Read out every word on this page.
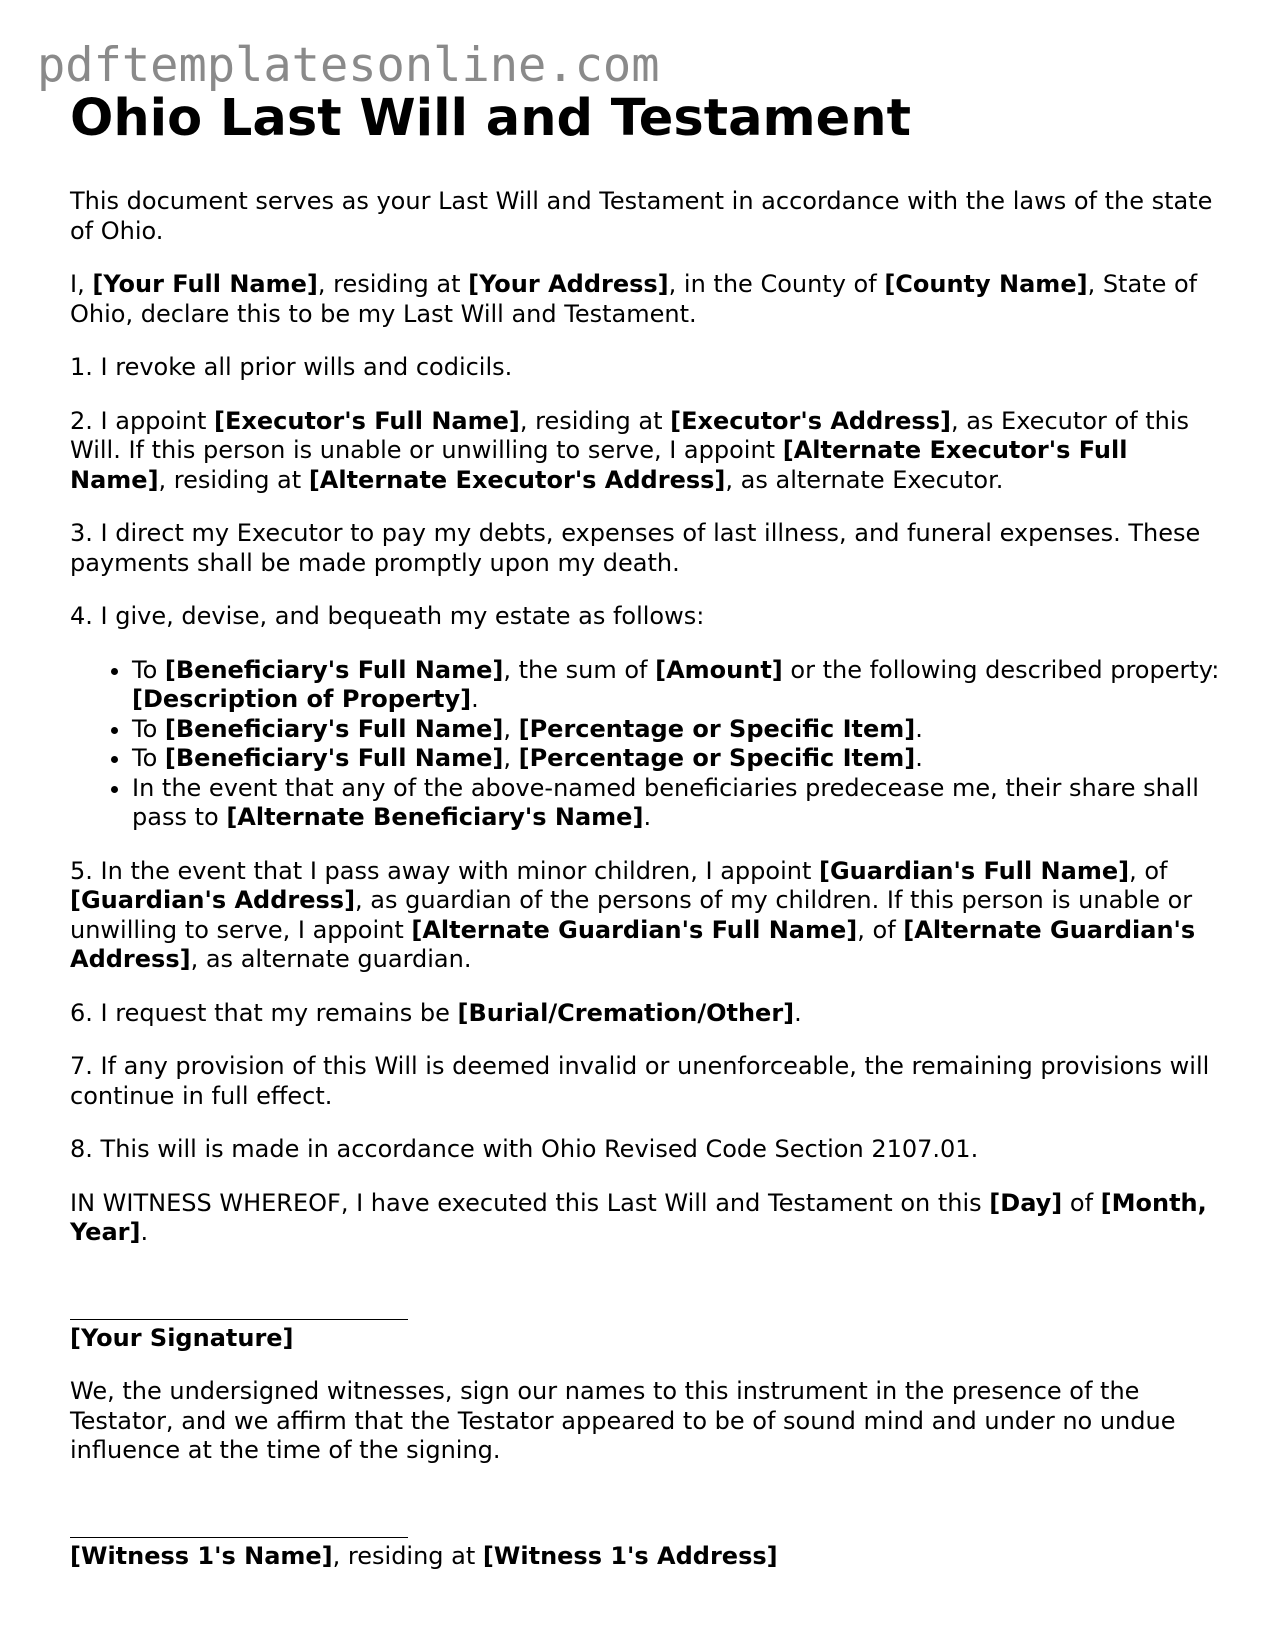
pdftemplatesonline.com
Ohio Last Will and Testament

This document serves as your Last Will and Testament in accordance with the laws of the state of Ohio.

I, [Your Full Name], residing at [Your Address], in the County of [County Name], State of Ohio, declare this to be my Last Will and Testament.

1. I revoke all prior wills and codicils.

2. I appoint [Executor's Full Name], residing at [Executor's Address], as Executor of this Will. If this person is unable or unwilling to serve, I appoint [Alternate Executor's Full Name], residing at [Alternate Executor's Address], as alternate Executor.

3. I direct my Executor to pay my debts, expenses of last illness, and funeral expenses. These payments shall be made promptly upon my death.

4. I give, devise, and bequeath my estate as follows:

• To [Beneficiary's Full Name], the sum of [Amount] or the following described property: [Description of Property].
• To [Beneficiary's Full Name], [Percentage or Specific Item].
• To [Beneficiary's Full Name], [Percentage or Specific Item].
• In the event that any of the above-named beneficiaries predecease me, their share shall pass to [Alternate Beneficiary's Name].

5. In the event that I pass away with minor children, I appoint [Guardian's Full Name], of [Guardian's Address], as guardian of the persons of my children. If this person is unable or unwilling to serve, I appoint [Alternate Guardian's Full Name], of [Alternate Guardian's Address], as alternate guardian.

6. I request that my remains be [Burial/Cremation/Other].

7. If any provision of this Will is deemed invalid or unenforceable, the remaining provisions will continue in full effect.

8. This will is made in accordance with Ohio Revised Code Section 2107.01.

IN WITNESS WHEREOF, I have executed this Last Will and Testament on this [Day] of [Month, Year].

[Your Signature]

We, the undersigned witnesses, sign our names to this instrument in the presence of the Testator, and we affirm that the Testator appeared to be of sound mind and under no undue influence at the time of the signing.

[Witness 1's Name], residing at [Witness 1's Address]
